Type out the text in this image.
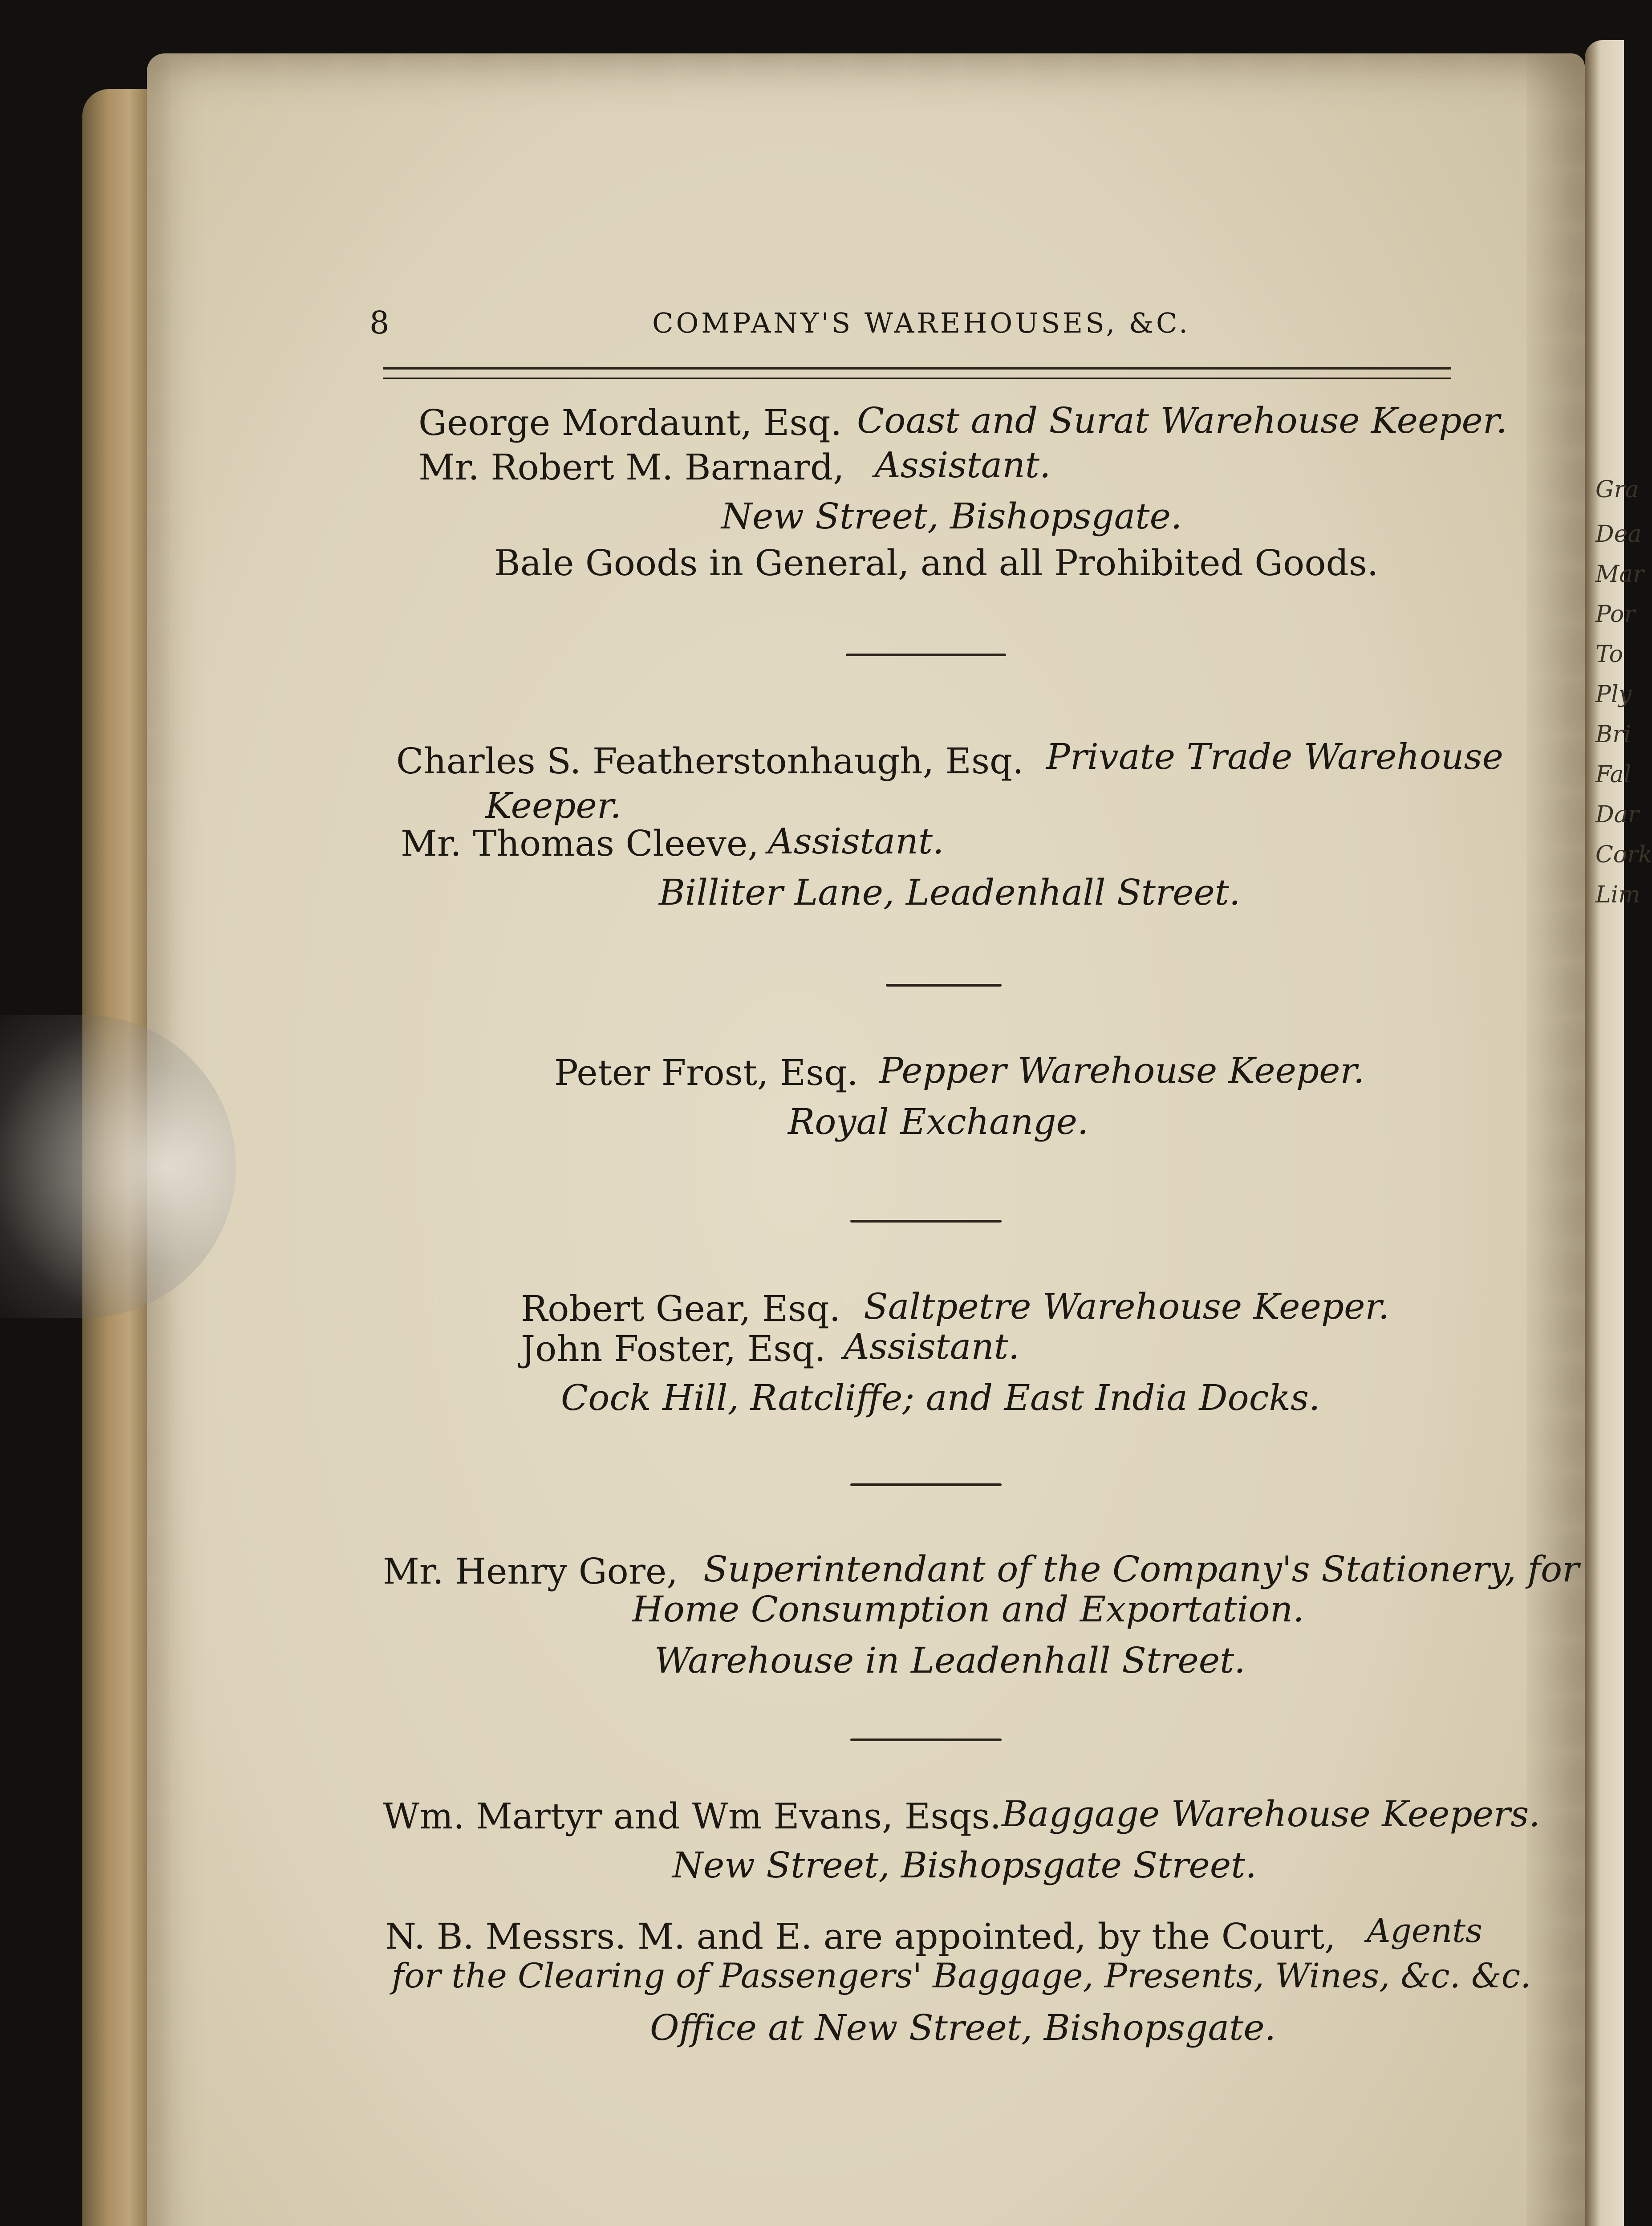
Gra
Dea
Mar
Por
To
Ply
Bri
Fal
Dar
Cork
Lim
8	COMPANY'S WAREHOUSES, &C.
George Mordaunt, Esq. Coast and Surat Warehouse Keeper.
Mr. Robert M. Barnard, Assistant.
New Street, Bishopsgate.
Bale Goods in General, and all Prohibited Goods.
Charles S. Featherstonhaugh, Esq. Private Trade Warehouse
Keeper.
Mr. Thomas Cleeve, Assistant.
Billiter Lane, Leadenhall Street.
Peter Frost, Esq. Pepper Warehouse Keeper.
Royal Exchange.
Robert Gear, Esq. Saltpetre Warehouse Keeper.
John Foster, Esq. Assistant.
Cock Hill, Ratcliffe; and East India Docks.
Mr. Henry Gore, Superintendant of the Company's Stationery, for
Home Consumption and Exportation.
Warehouse in Leadenhall Street.
Wm. Martyr and Wm Evans, Esqs. Baggage Warehouse Keepers.
New Street, Bishopsgate Street.
N. B. Messrs. M. and E. are appointed, by the Court, Agents
for the Clearing of Passengers' Baggage, Presents, Wines, &c. &c.
Office at New Street, Bishopsgate.
